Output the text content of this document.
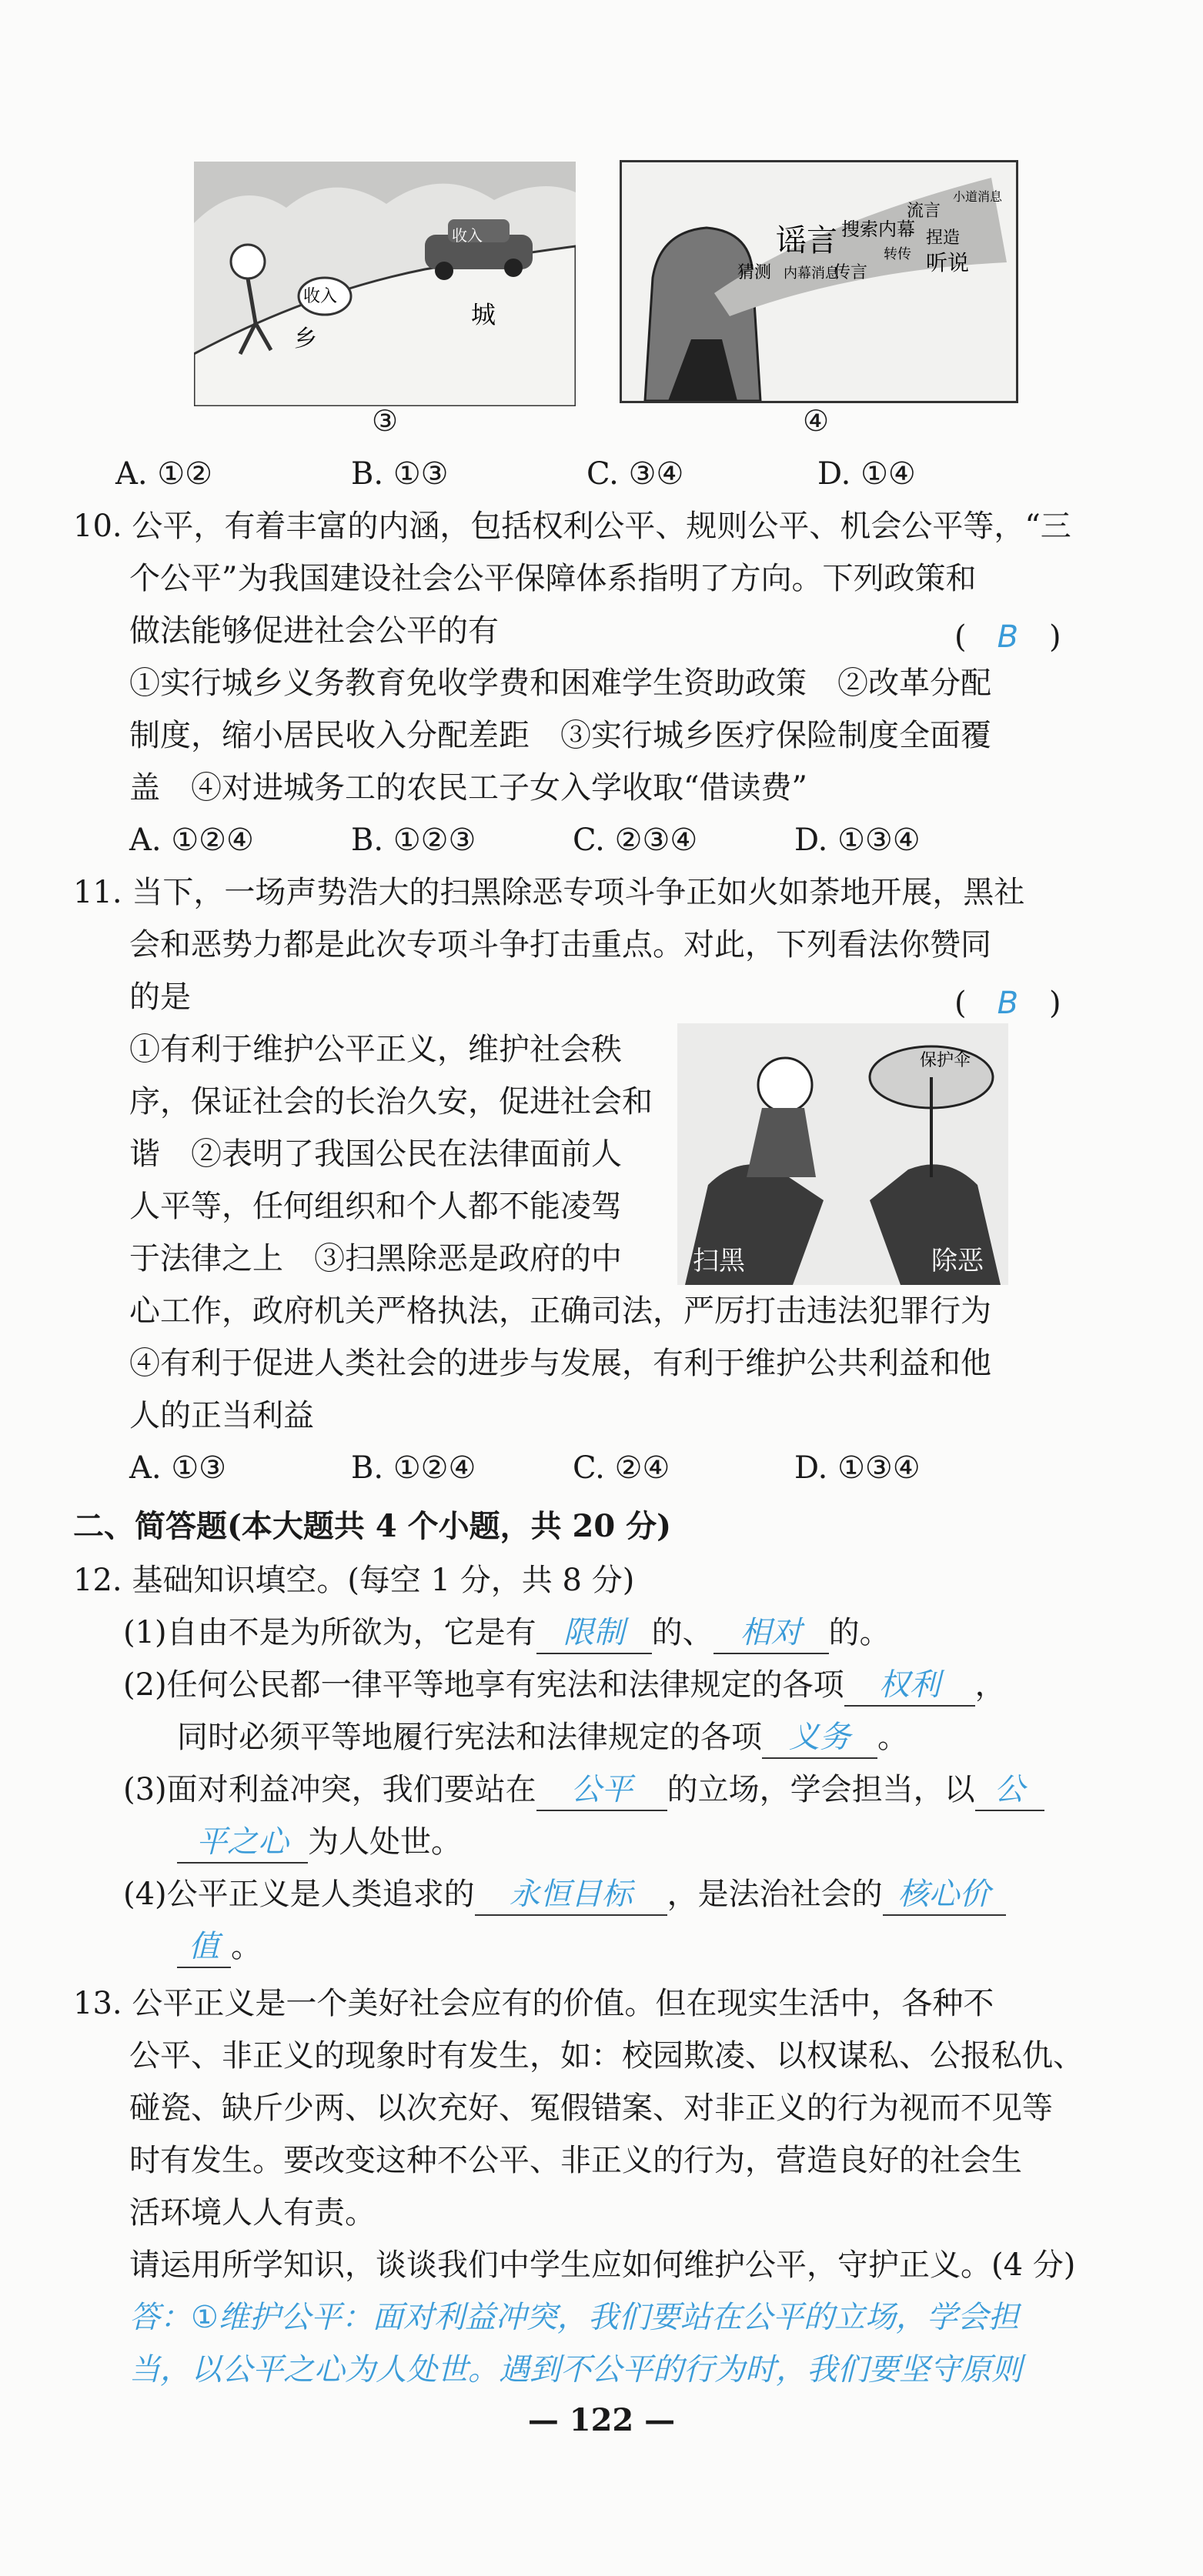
收入
乡
收入
城
③
猜测
谣言
内幕消息
传言
搜索内幕
流言
捏造
听说
小道消息
转传
④
A. ①②	B. ①③	C. ③④	D. ①④
10. 公平，有着丰富的内涵，包括权利公平、规则公平、机会公平等，“三
个公平”为我国建设社会公平保障体系指明了方向。下列政策和
做法能够促进社会公平的有	(　B　)
①实行城乡义务教育免收学费和困难学生资助政策　②改革分配
制度，缩小居民收入分配差距　③实行城乡医疗保险制度全面覆
盖　④对进城务工的农民工子女入学收取“借读费”
A. ①②④	B. ①②③	C. ②③④	D. ①③④
11. 当下，一场声势浩大的扫黑除恶专项斗争正如火如荼地开展，黑社
会和恶势力都是此次专项斗争打击重点。对此，下列看法你赞同
的是	(　B　)
①有利于维护公平正义，维护社会秩
序，保证社会的长治久安，促进社会和
谐　②表明了我国公民在法律面前人
人平等，任何组织和个人都不能凌驾
于法律之上　③扫黑除恶是政府的中
保护伞
扫黑	除恶
心工作，政府机关严格执法，正确司法，严厉打击违法犯罪行为
④有利于促进人类社会的进步与发展，有利于维护公共利益和他
人的正当利益
A. ①③	B. ①②④	C. ②④	D. ①③④
二、简答题(本大题共 4 个小题，共 20 分)
12. 基础知识填空。(每空 1 分，共 8 分)
(1)自由不是为所欲为，它是有 限制 的、 相对 的。
(2)任何公民都一律平等地享有宪法和法律规定的各项 权利 ，
同时必须平等地履行宪法和法律规定的各项 义务 。
(3)面对利益冲突，我们要站在 公平 的立场，学会担当，以 公
平之心 为人处世。
(4)公平正义是人类追求的 永恒目标 ，是法治社会的 核心价
值 。
13. 公平正义是一个美好社会应有的价值。但在现实生活中，各种不
公平、非正义的现象时有发生，如：校园欺凌、以权谋私、公报私仇、
碰瓷、缺斤少两、以次充好、冤假错案、对非正义的行为视而不见等
时有发生。要改变这种不公平、非正义的行为，营造良好的社会生
活环境人人有责。
请运用所学知识，谈谈我们中学生应如何维护公平，守护正义。(4 分)
答：①维护公平：面对利益冲突，我们要站在公平的立场，学会担
当，以公平之心为人处世。遇到不公平的行为时，我们要坚守原则
— 122 —
